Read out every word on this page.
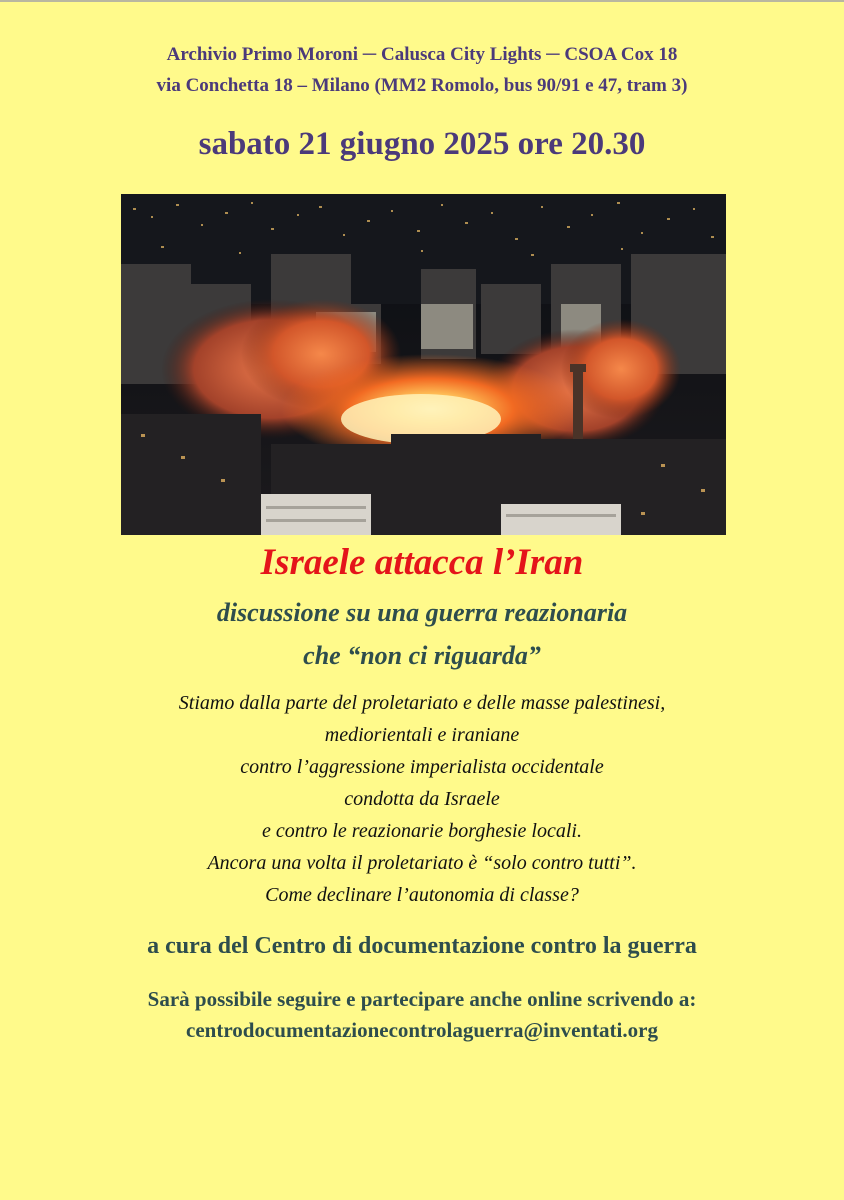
Archivio Primo Moroni ─ Calusca City Lights ─ CSOA Cox 18
via Conchetta 18 – Milano (MM2 Romolo, bus 90/91 e 47, tram 3)
sabato 21 giugno 2025 ore 20.30
Israele attacca l’Iran
discussione su una guerra reazionaria
che “non ci riguarda”
Stiamo dalla parte del proletariato e delle masse palestinesi,
mediorientali e iraniane
contro l’aggressione imperialista occidentale
condotta da Israele
e contro le reazionarie borghesie locali.
Ancora una volta il proletariato è “solo contro tutti”.
Come declinare l’autonomia di classe?
a cura del Centro di documentazione contro la guerra
Sarà possibile seguire e partecipare anche online scrivendo a:
centrodocumentazionecontrolaguerra@inventati.org
